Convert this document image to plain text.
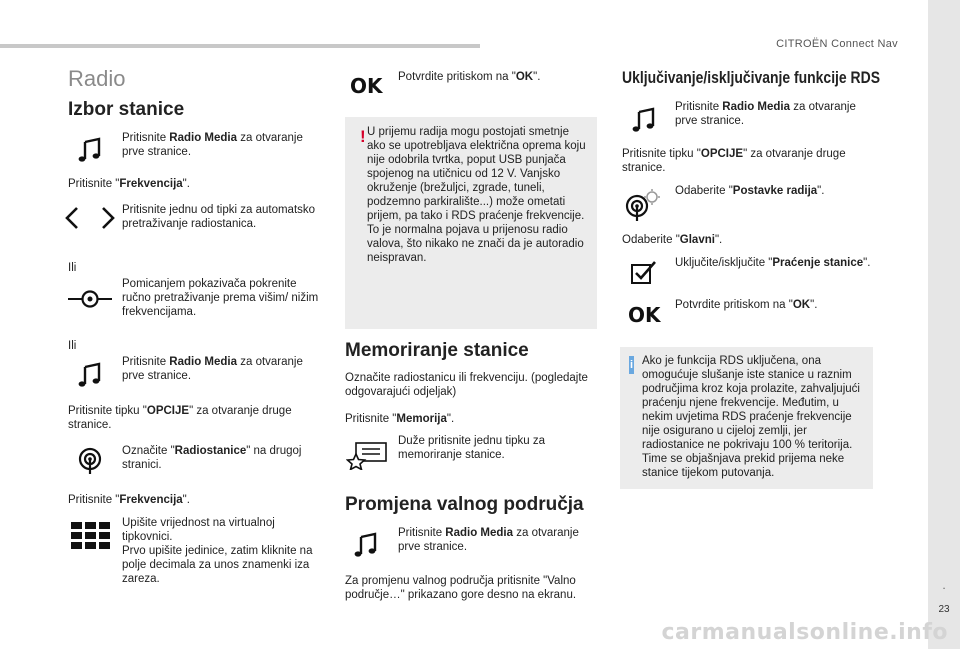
CITROËN Connect Nav
.
23
carmanualsonline.info
Radio
Izbor stanice
Pritisnite Radio Media za otvaranje prve stranice.
Pritisnite "Frekvencija".
Pritisnite jednu od tipki za automatsko pretraživanje radiostanica.
Ili
Pomicanjem pokazivača pokrenite ručno pretraživanje prema višim/ nižim frekvencijama.
Ili
Pritisnite Radio Media za otvaranje prve stranice.
Pritisnite tipku "OPCIJE" za otvaranje druge stranice.
Označite "Radiostanice" na drugoj stranici.
Pritisnite "Frekvencija".
Upišite vrijednost na virtualnoj tipkovnici.
Prvo upišite jedinice, zatim kliknite na polje decimala za unos znamenki iza zareza.
OK Potvrdite pritiskom na "OK".
! U prijemu radija mogu postojati smetnje ako se upotrebljava električna oprema koju nije odobrila tvrtka, poput USB punjača spojenog na utičnicu od 12 V. Vanjsko okruženje (brežuljci, zgrade, tuneli, podzemno parkiralište...) može ometati prijem, pa tako i RDS praćenje frekvencije. To je normalna pojava u prijenosu radio valova, što nikako ne znači da je autoradio neispravan.
Memoriranje stanice
Označite radiostanicu ili frekvenciju. (pogledajte odgovarajući odjeljak)
Pritisnite "Memorija".
Duže pritisnite jednu tipku za memoriranje stanice.
Promjena valnog područja
Pritisnite Radio Media za otvaranje prve stranice.
Za promjenu valnog područja pritisnite "Valno područje…" prikazano gore desno na ekranu.
Uključivanje/isključivanje funkcije RDS
Pritisnite Radio Media za otvaranje prve stranice.
Pritisnite tipku "OPCIJE" za otvaranje druge stranice.
Odaberite "Postavke radija".
Odaberite "Glavni".
Uključite/isključite "Praćenje stanice".
OK Potvrdite pritiskom na "OK".
i Ako je funkcija RDS uključena, ona omogućuje slušanje iste stanice u raznim područjima kroz koja prolazite, zahvaljujući praćenju njene frekvencije. Međutim, u nekim uvjetima RDS praćenje frekvencije nije osigurano u cijeloj zemlji, jer radiostanice ne pokrivaju 100 % teritorija. Time se objašnjava prekid prijema neke stanice tijekom putovanja.
